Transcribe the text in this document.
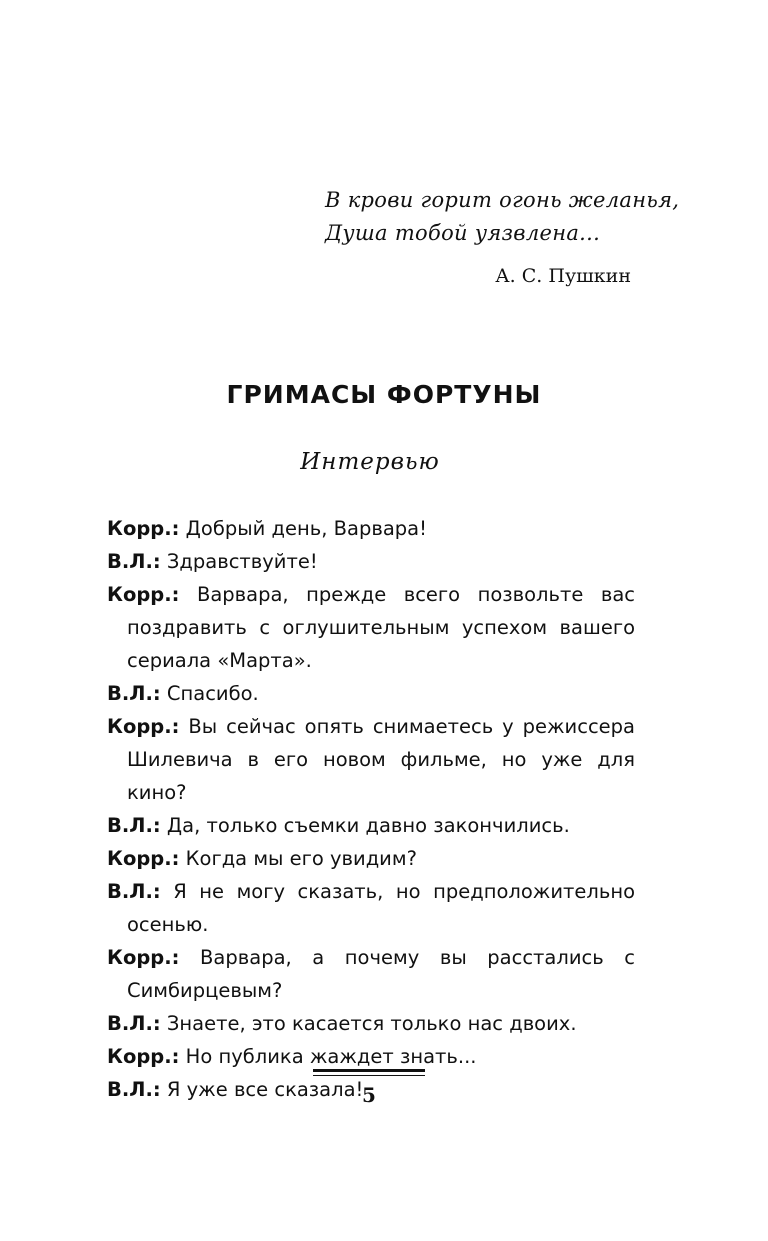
В крови горит огонь желанья,
Душа тобой уязвлена...
А. С. Пушкин
ГРИМАСЫ ФОРТУНЫ
Интервью

Корр.: Добрый день, Варвара!

В.Л.: Здравствуйте!

Корр.: Варвара, прежде всего позвольте вас поздравить с оглушительным успехом вашего сериала «Марта».

В.Л.: Спасибо.

Корр.: Вы сейчас опять снимаетесь у режиссера Шилевича в его новом фильме, но уже для кино?

В.Л.: Да, только съемки давно закончились.

Корр.: Когда мы его увидим?

В.Л.: Я не могу сказать, но предположительно осенью.

Корр.: Варвара, а почему вы расстались с Симбирцевым?

В.Л.: Знаете, это касается только нас двоих.

Корр.: Но публика жаждет знать...

В.Л.: Я уже все сказала!

5
